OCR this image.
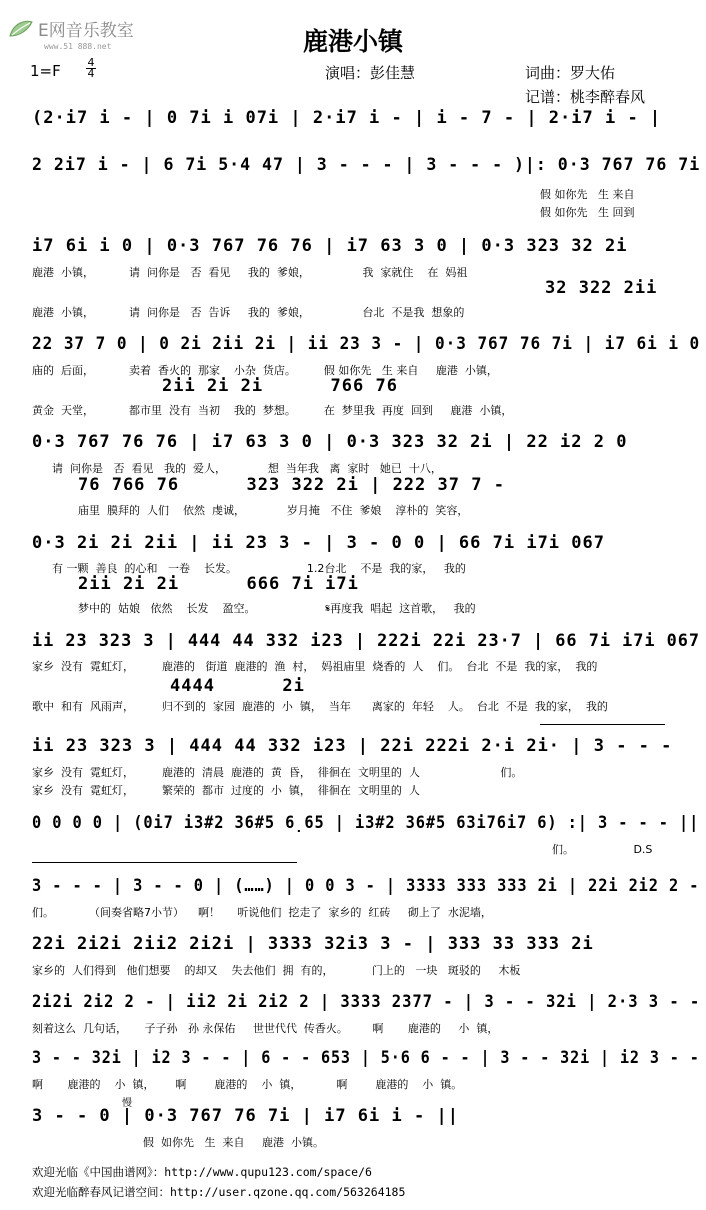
E网音乐教室
www.51 888.net	鹿港小镇
1=F 4
4	演唱：彭佳慧	词曲：罗大佑
记谱：桃李醉春风
(2·i7 i - | 0 7i i 07i | 2·i7 i - | i - 7 - | 2·i7 i - |
2 2i7 i - | 6 7i 5·4 47 | 3 - - - | 3 - - - )|: 0·3 767 76 7i
假 如你先   生 来自
假 如你先   生 回到
i7 6i i 0 | 0·3 767 76 76 | i7 63 3 0 | 0·3 323 32 2i
鹿港  小镇，          请  问你是   否  看见     我的  爹娘，               我  家就住    在  妈祖
32 322 2ii
鹿港  小镇，          请  问你是   否  告诉     我的  爹娘，               台北  不是我  想象的
22 37 7 0 | 0 2i 2ii 2i | ii 23 3 - | 0·3 767 76 7i | i7 6i i 0
庙的  后面，          卖着  香火的  那家    小杂  货店。        假 如你先   生 来自     鹿港  小镇，
2ii 2i 2i      766 76
黄金  天堂，          都市里  没有  当初    我的  梦想。        在  梦里我  再度  回到     鹿港  小镇，
0·3 767 76 76 | i7 63 3 0 | 0·3 323 32 2i | 22 i2 2 0
请  问你是   否  看见   我的  爱人，            想  当年我   离  家时   她已  十八，
76 766 76      323 322 2i | 222 37 7 -
庙里  膜拜的  人们    依然  虔诚，            岁月掩   不住  爹娘    淳朴的  笑容，
0·3 2i 2i 2ii | ii 23 3 - | 3 - 0 0 | 66 7i i7i 067
有 一颗  善良  的心和   一卷    长发。                    1.2台北    不是  我的家，   我的
2ii 2i 2i      666 7i i7i
梦中的  姑娘   依然    长发    盈空。                    𝄋再度我  唱起  这首歌，   我的
ii 23 323 3 | 444 44 332 i23 | 222i 22i 23·7 | 66 7i i7i 067
家乡  没有  霓虹灯，        鹿港的   街道  鹿港的  渔  村，  妈祖庙里  烧香的  人    们。  台北  不是  我的家，  我的
4444      2i
歌中  和有  风雨声，        归不到的  家园  鹿港的  小  镇，  当年      离家的  年轻    人。  台北  不是  我的家，  我的
ii 23 323 3 | 444 44 332 i23 | 22i 222i 2·i 2i· | 3 - - -
家乡  没有  霓虹灯，        鹿港的  清晨  鹿港的  黄  昏，  徘徊在  文明里的  人                       们。
家乡  没有  霓虹灯，        繁荣的  都市  过度的  小  镇，  徘徊在  文明里的  人
0 0 0 0 | (0i7 i3#2 36#5 6̣65 | i3#2 36#5 63i76i7 6) :| 3 - - - ||
们。                 D.S
3 - - - | 3 - - 0 | (……) | 0 0 3 - | 3333 333 333 2i | 22i 2i2 2 -
们。          （间奏省略7小节）    啊！     听说他们  挖走了  家乡的  红砖     砌上了  水泥墙，
22i 2i2i 2ii2 2i2i | 3333 32i3 3 - | 333 33 333 2i
家乡的  人们得到   他们想要    的却又    失去他们  拥  有的，           门上的   一块   斑驳的     木板
2i2i 2i2 2 - | ii2 2i 2i2 2 | 3333 2377 - | 3 - - 32i | 2·3 3 - -
刻着这么  几句话，     子子孙   孙 永保佑     世世代代  传香火。       啊       鹿港的     小  镇，
3 - - 32i | i2 3 - - | 6 - - 653 | 5·6 6 - - | 3 - - 32i | i2 3 - -
啊       鹿港的    小  镇，      啊        鹿港的    小  镇，          啊        鹿港的    小  镇。
慢
3 - - 0 | 0·3 767 76 7i | i7 6i i - ||
假  如你先   生  来自     鹿港  小镇。
欢迎光临《中国曲谱网》：http://www.qupu123.com/space/6
欢迎光临醉春风记谱空间：http://user.qzone.qq.com/563264185
